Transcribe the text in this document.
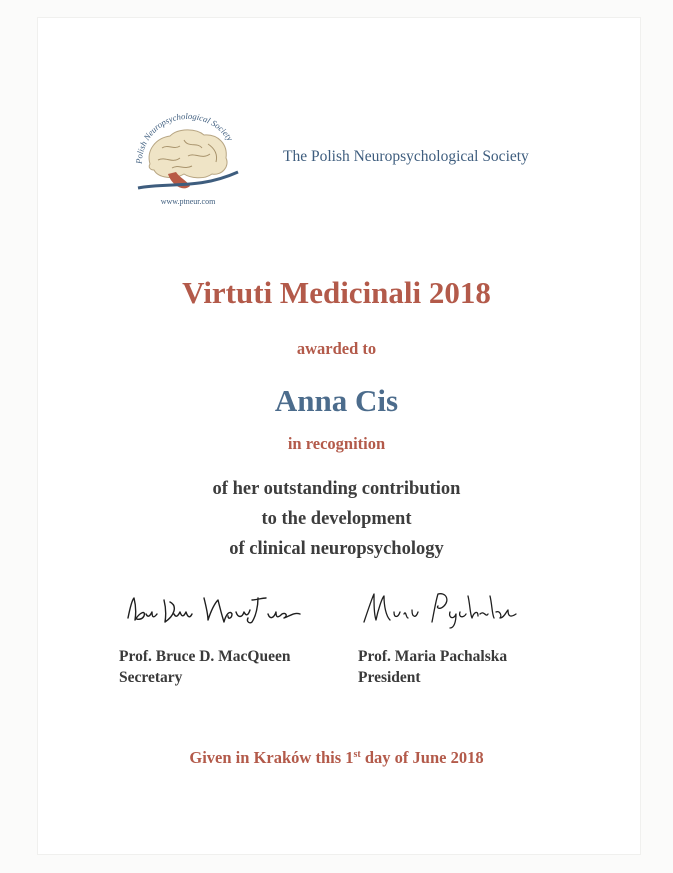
Polish Neuropsychological Society
www.ptneur.com
The Polish Neuropsychological Society
Virtuti Medicinali 2018
awarded to
Anna Cis
in recognition
of her outstanding contribution
to the development
of clinical neuropsychology
Prof. Bruce D. MacQueen
Secretary
Prof. Maria Pachalska
President
Given in Kraków this 1st day of June 2018
